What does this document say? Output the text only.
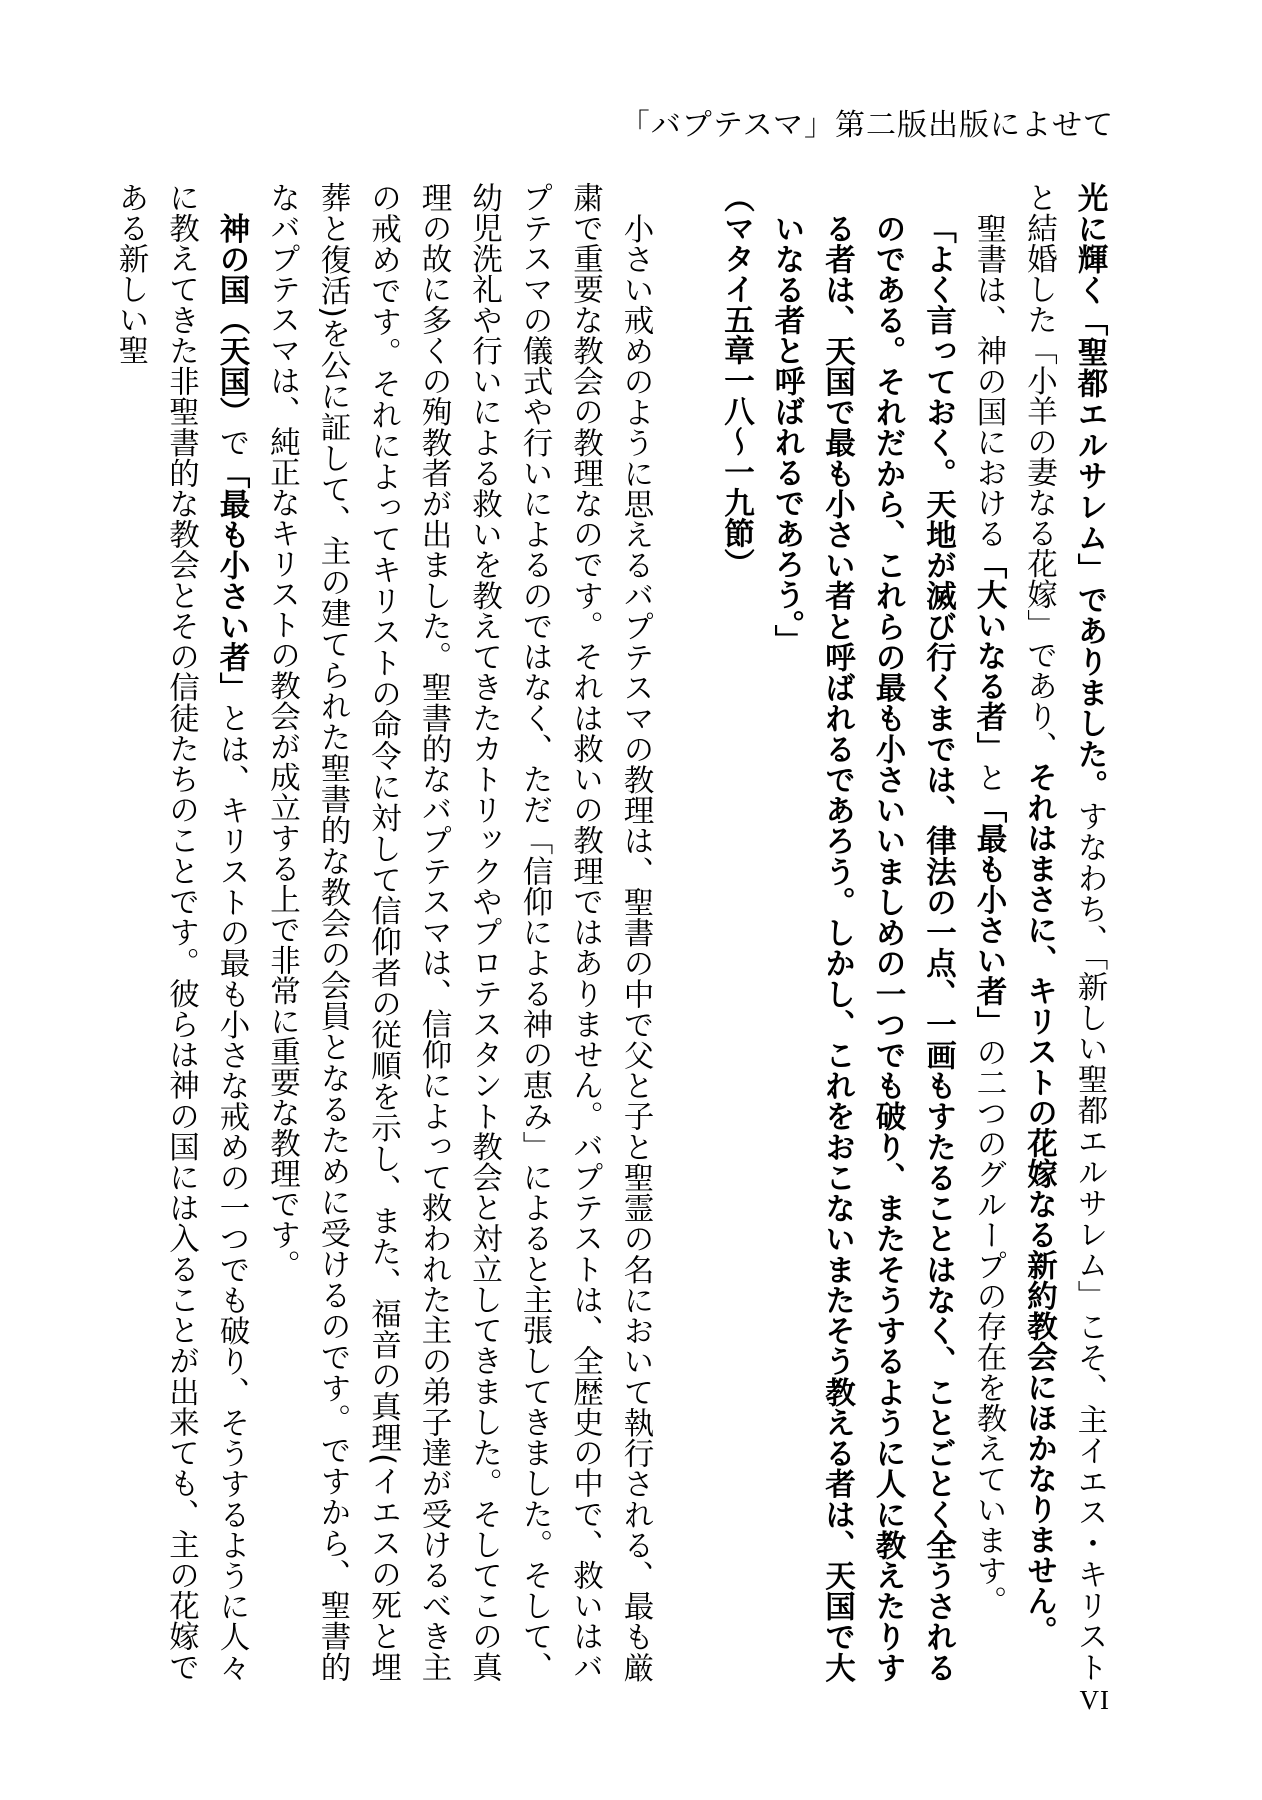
「バプテスマ」第二版出版によせて

光に輝く「聖都エルサレム」でありました。すなわち、「新しい聖都エルサレム」こそ、主イエス・キリストと結婚した「小羊の妻なる花嫁」であり、それはまさに、キリストの花嫁なる新約教会にほかなりません。

聖書は、神の国における「大いなる者」と「最も小さい者」の二つのグループの存在を教えています。

「よく言っておく。天地が滅び行くまでは、律法の一点、一画もすたることはなく、ことごとく全うされるのである。それだから、これらの最も小さいいましめの一つでも破り、またそうするように人に教えたりする者は、天国で最も小さい者と呼ばれるであろう。しかし、これをおこないまたそう教える者は、天国で大いなる者と呼ばれるであろう。」

（マタイ五章一八～一九節）

小さい戒めのように思えるバプテスマの教理は、聖書の中で父と子と聖霊の名において執行される、最も厳粛で重要な教会の教理なのです。それは救いの教理ではありません。バプテストは、全歴史の中で、救いはバプテスマの儀式や行いによるのではなく、ただ「信仰による神の恵み」によると主張してきました。そして、幼児洗礼や行いによる救いを教えてきたカトリックやプロテスタント教会と対立してきました。そしてこの真理の故に多くの殉教者が出ました。聖書的なバプテスマは、信仰によって救われた主の弟子達が受けるべき主の戒めです。それによってキリストの命令に対して信仰者の従順を示し、また、福音の真理(イエスの死と埋葬と復活)を公に証して、主の建てられた聖書的な教会の会員となるために受けるのです。ですから、聖書的なバプテスマは、純正なキリストの教会が成立する上で非常に重要な教理です。

神の国（天国）で「最も小さい者」とは、キリストの最も小さな戒めの一つでも破り、そうするように人々に教えてきた非聖書的な教会とその信徒たちのことです。彼らは神の国には入ることが出来ても、主の花嫁である新しい聖

VI
